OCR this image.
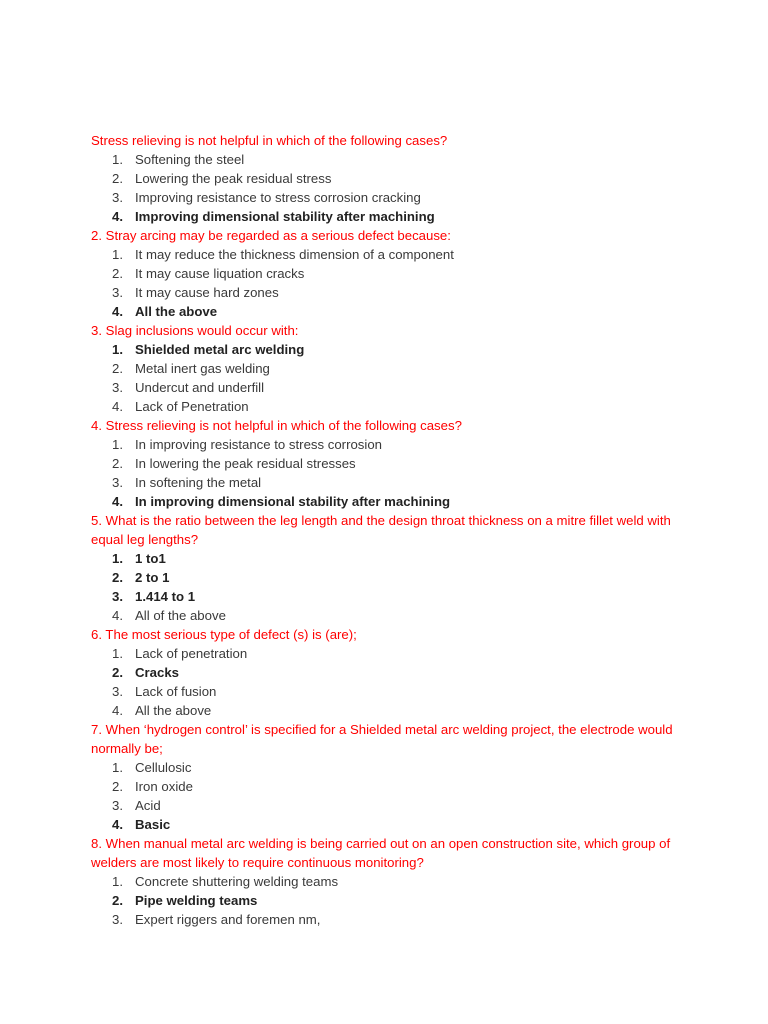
Stress relieving is not helpful in which of the following cases?

1. Softening the steel
2. Lowering the peak residual stress
3. Improving resistance to stress corrosion cracking
4. Improving dimensional stability after machining

2. Stray arcing may be regarded as a serious defect because:

1. It may reduce the thickness dimension of a component
2. It may cause liquation cracks
3. It may cause hard zones
4. All the above

3. Slag inclusions would occur with:

1. Shielded metal arc welding
2. Metal inert gas welding
3. Undercut and underfill
4. Lack of Penetration

4. Stress relieving is not helpful in which of the following cases?

1. In improving resistance to stress corrosion
2. In lowering the peak residual stresses
3. In softening the metal
4. In improving dimensional stability after machining

5. What is the ratio between the leg length and the design throat thickness on a mitre fillet weld with equal leg lengths?

1. 1 to1
2. 2 to 1
3. 1.414 to 1
4. All of the above

6. The most serious type of defect (s) is (are);

1. Lack of penetration
2. Cracks
3. Lack of fusion
4. All the above

7. When ‘hydrogen control’ is specified for a Shielded metal arc welding project, the electrode would normally be;

1. Cellulosic
2. Iron oxide
3. Acid
4. Basic

8. When manual metal arc welding is being carried out on an open construction site, which group of welders are most likely to require continuous monitoring?

1. Concrete shuttering welding teams
2. Pipe welding teams
3. Expert riggers and foremen nm,
